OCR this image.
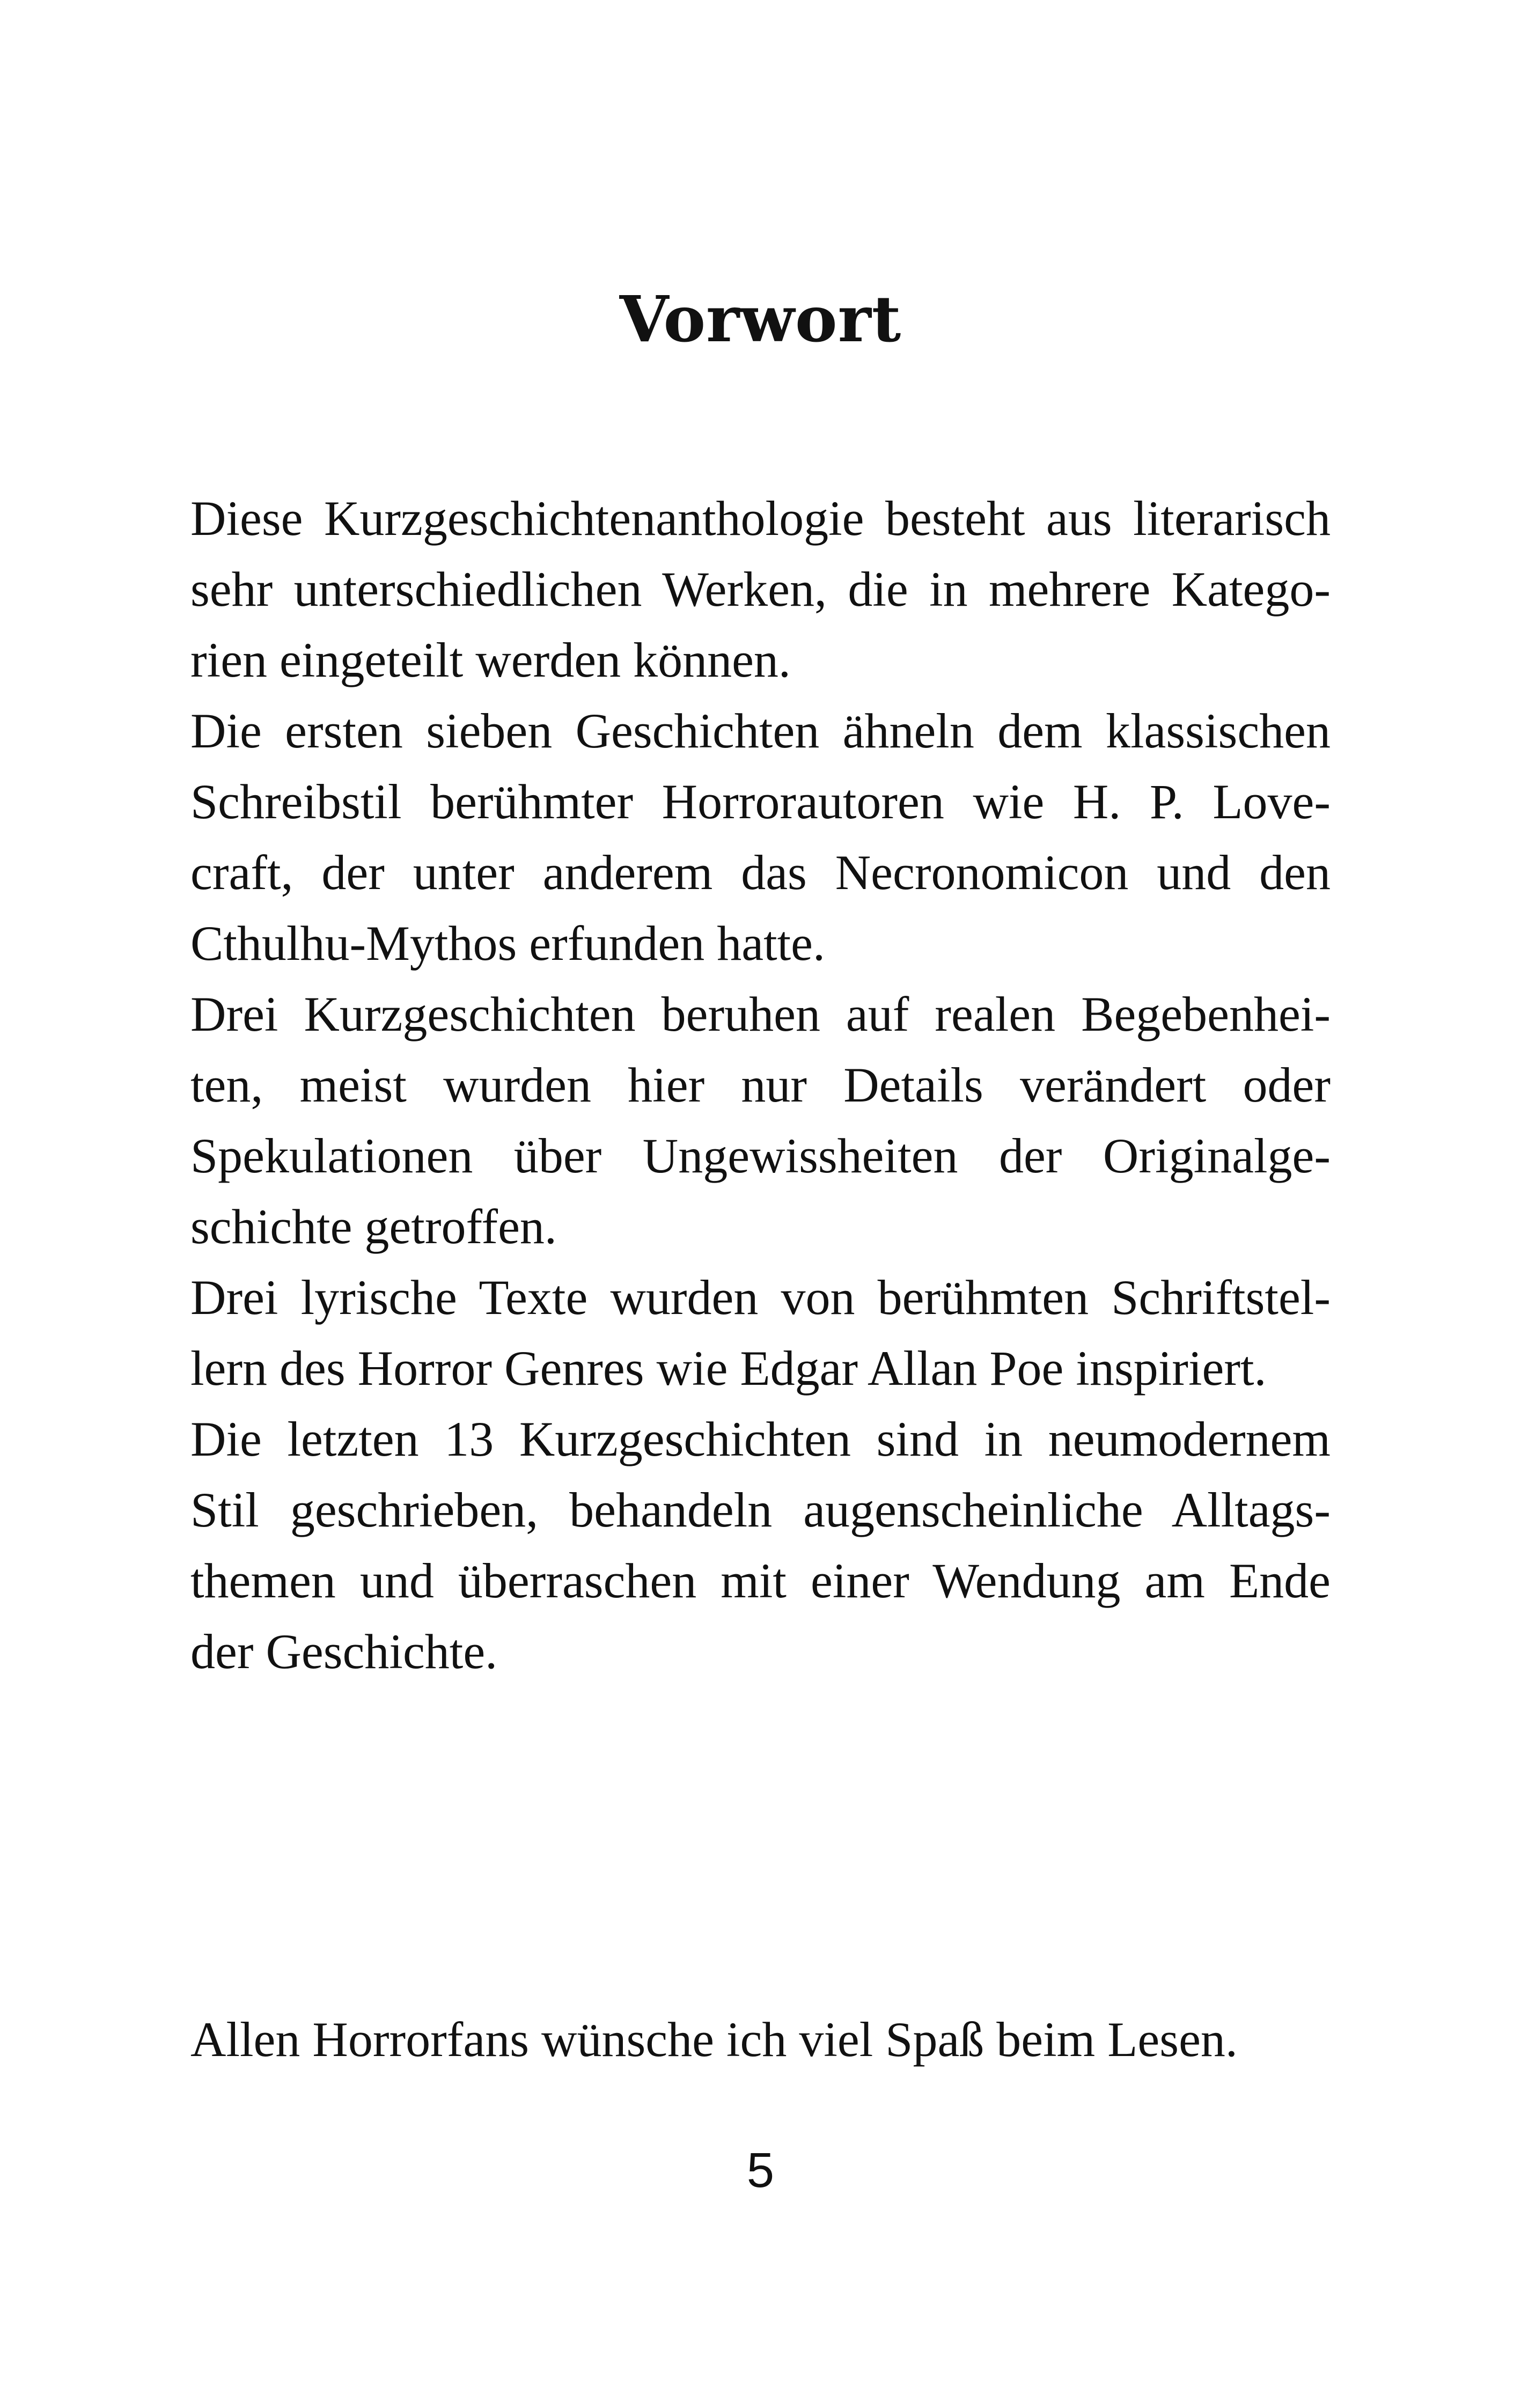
Vorwort

Diese Kurzgeschichtenanthologie besteht aus literarisch
sehr unterschiedlichen Werken, die in mehrere Katego-
rien eingeteilt werden können.

Die ersten sieben Geschichten ähneln dem klassischen
Schreibstil berühmter Horrorautoren wie H. P. Love-
craft, der unter anderem das Necronomicon und den
Cthulhu-Mythos erfunden hatte.

Drei Kurzgeschichten beruhen auf realen Begebenhei-
ten, meist wurden hier nur Details verändert oder
Spekulationen über Ungewissheiten der Originalge-
schichte getroffen.

Drei lyrische Texte wurden von berühmten Schriftstel-
lern des Horror Genres wie Edgar Allan Poe inspiriert.

Die letzten 13 Kurzgeschichten sind in neumodernem
Stil geschrieben, behandeln augenscheinliche Alltags-
themen und überraschen mit einer Wendung am Ende
der Geschichte.

Allen Horrorfans wünsche ich viel Spaß beim Lesen.

5
